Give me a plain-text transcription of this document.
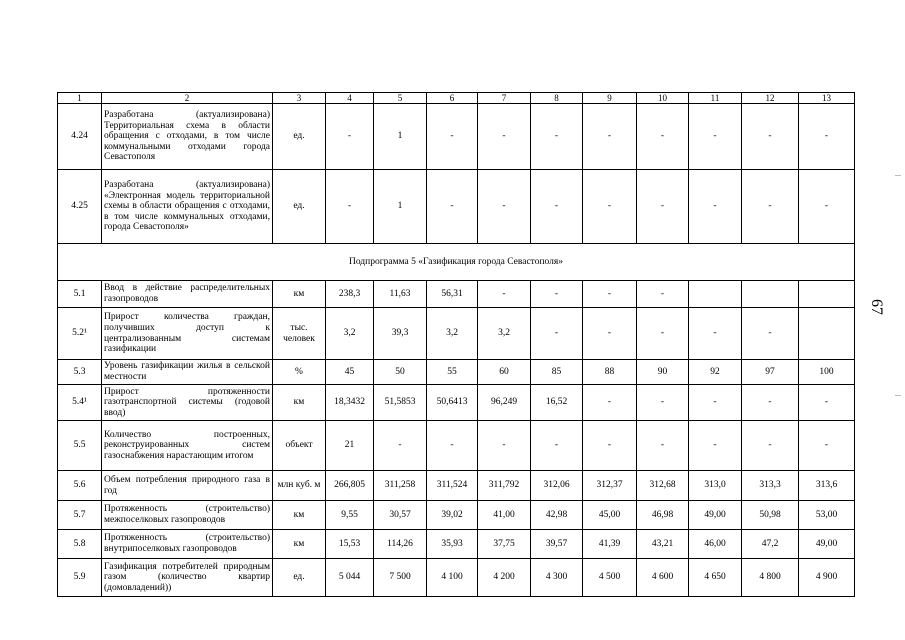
1	2	3	4	5	6	7	8	9	10	11	12	13
4.24	Разработана (актуализирована) Территориальная схема в области обращения с отходами, в том числе коммунальными отходами города Севастополя	ед.	-	1	-	-	-	-	-	-	-	-
4.25	Разработана (актуализирована) «Электронная модель территориальной схемы в области обращения с отходами, в том числе коммунальных отходами, города Севастополя»	ед.	-	1	-	-	-	-	-	-	-	-
Подпрограмма 5 «Газификация города Севастополя»												
5.1	Ввод в действие распределительных газопроводов	км	238,3	11,63	56,31	-	-	-	-			
5.2¹	Прирост количества граждан, получивших доступ к централизованным системам газификации	тыс. человек	3,2	39,3	3,2	3,2	-	-	-	-	-	
5.3	Уровень газификации жилья в сельской местности	%	45	50	55	60	85	88	90	92	97	100
5.4¹	Прирост протяженности газотранспортной системы (годовой ввод)	км	18,3432	51,5853	50,6413	96,249	16,52	-	-	-	-	-
5.5	Количество построенных, реконструированных систем газоснабжения нарастающим итогом	объект	21	-	-	-	-	-	-	-	-	-
5.6	Объем потребления природного газа в год	млн куб. м	266,805	311,258	311,524	311,792	312,06	312,37	312,68	313,0	313,3	313,6
5.7	Протяженность (строительство) межпоселковых газопроводов	км	9,55	30,57	39,02	41,00	42,98	45,00	46,98	49,00	50,98	53,00
5.8	Протяженность (строительство) внутрипоселковых газопроводов	км	15,53	114,26	35,93	37,75	39,57	41,39	43,21	46,00	47,2	49,00
5.9	Газификация потребителей природным газом (количество квартир (домовладений))	ед.	5 044	7 500	4 100	4 200	4 300	4 500	4 600	4 650	4 800	4 900
67
